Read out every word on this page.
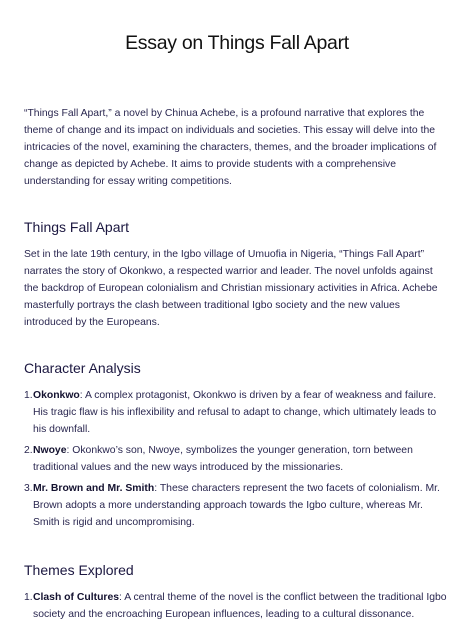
Essay on Things Fall Apart

“Things Fall Apart,” a novel by Chinua Achebe, is a profound narrative that explores the theme of change and its impact on individuals and societies. This essay will delve into the intricacies of the novel, examining the characters, themes, and the broader implications of change as depicted by Achebe. It aims to provide students with a comprehensive understanding for essay writing competitions.

Things Fall Apart

Set in the late 19th century, in the Igbo village of Umuofia in Nigeria, “Things Fall Apart” narrates the story of Okonkwo, a respected warrior and leader. The novel unfolds against the backdrop of European colonialism and Christian missionary activities in Africa. Achebe masterfully portrays the clash between traditional Igbo society and the new values introduced by the Europeans.

Character Analysis
1. Okonkwo: A complex protagonist, Okonkwo is driven by a fear of weakness and failure. His tragic flaw is his inflexibility and refusal to adapt to change, which ultimately leads to his downfall.
2. Nwoye: Okonkwo’s son, Nwoye, symbolizes the younger generation, torn between traditional values and the new ways introduced by the missionaries.
3. Mr. Brown and Mr. Smith: These characters represent the two facets of colonialism. Mr. Brown adopts a more understanding approach towards the Igbo culture, whereas Mr. Smith is rigid and uncompromising.
Themes Explored
1. Clash of Cultures: A central theme of the novel is the conflict between the traditional Igbo society and the encroaching European influences, leading to a cultural dissonance.
